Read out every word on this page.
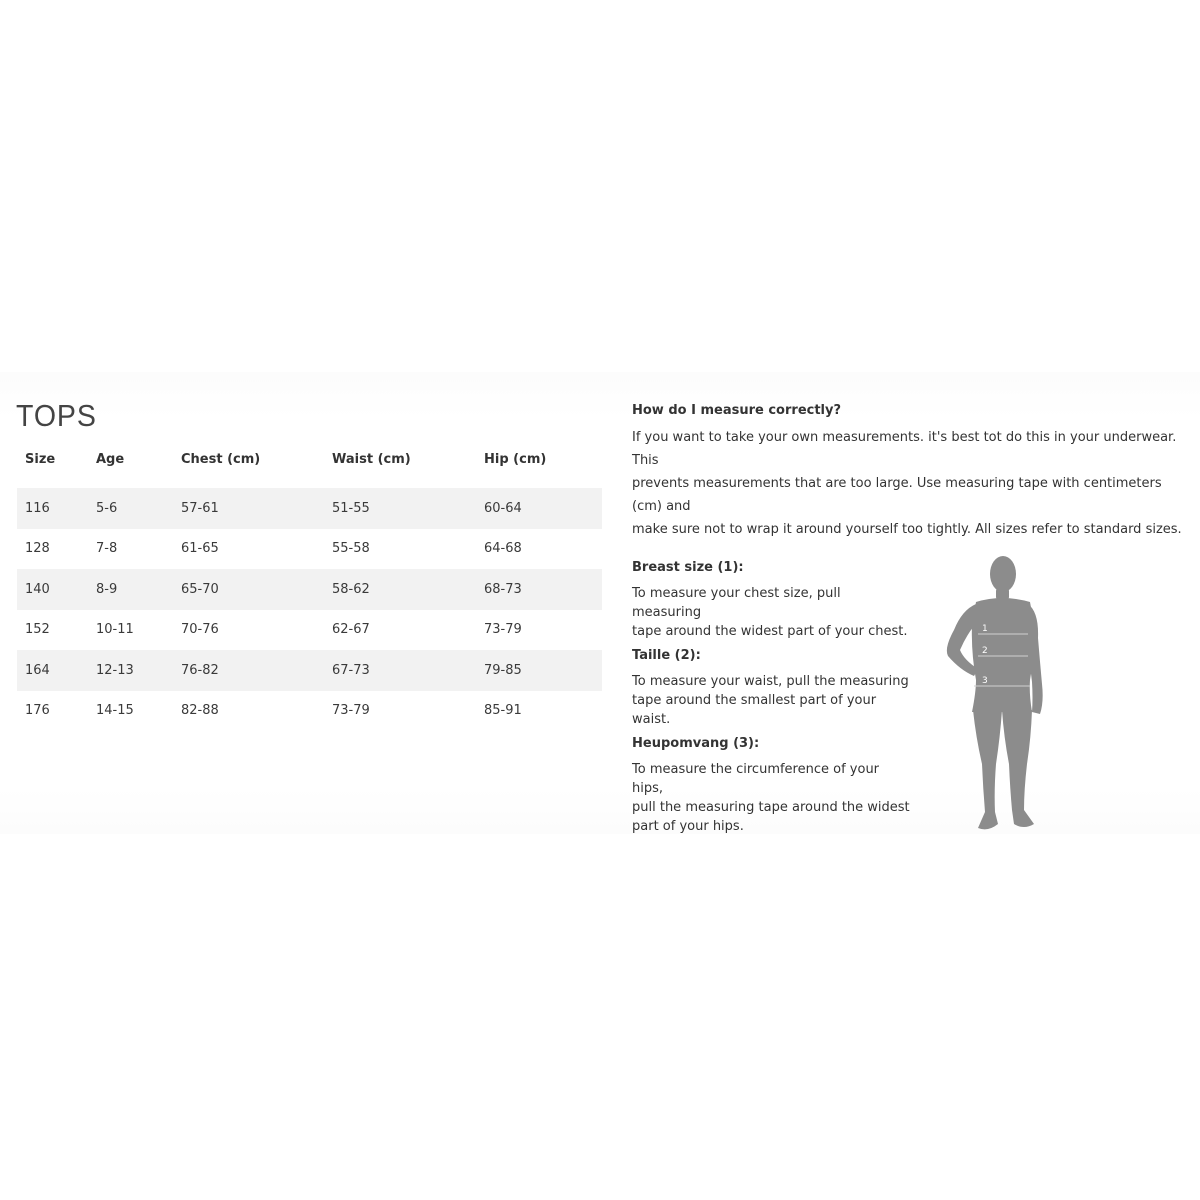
TOPS
Size	Age	Chest (cm)	Waist (cm)	Hip (cm)

116	5-6	57-61	51-55	60-64
128	7-8	61-65	55-58	64-68
140	8-9	65-70	58-62	68-73
152	10-11	70-76	62-67	73-79
164	12-13	76-82	67-73	79-85
176	14-15	82-88	73-79	85-91
How do I measure correctly?
If you want to take your own measurements. it's best tot do this in your underwear. This
prevents measurements that are too large. Use measuring tape with centimeters (cm) and
make sure not to wrap it around yourself too tightly. All sizes refer to standard sizes.
Breast size (1):
To measure your chest size, pull measuring
tape around the widest part of your chest.
Taille (2):
To measure your waist, pull the measuring
tape around the smallest part of your waist.
Heupomvang (3):
To measure the circumference of your hips,
pull the measuring tape around the widest
part of your hips.
1
2
3
